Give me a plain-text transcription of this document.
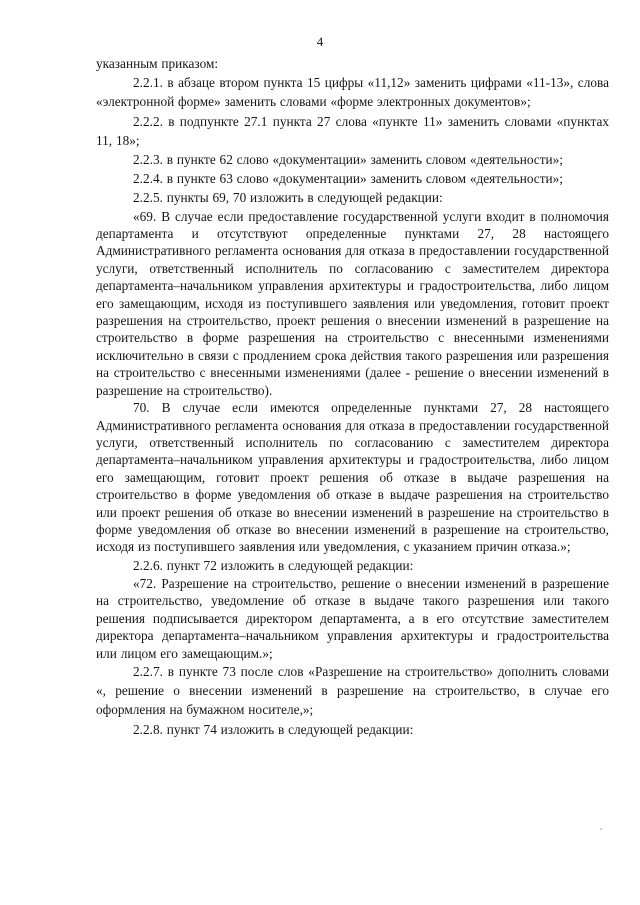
4

указанным приказом:

2.2.1. в абзаце втором пункта 15 цифры «11,12» заменить цифрами «11-13», слова «электронной форме» заменить словами «форме электронных документов»;

2.2.2. в подпункте 27.1 пункта 27 слова «пункте 11» заменить словами «пунктах 11, 18»;

2.2.3. в пункте 62 слово «документации» заменить словом «деятельности»;

2.2.4. в пункте 63 слово «документации» заменить словом «деятельности»;

2.2.5. пункты 69, 70 изложить в следующей редакции:

«69. В случае если предоставление государственной услуги входит в полномочия департамента и отсутствуют определенные пунктами 27, 28 настоящего Административного регламента основания для отказа в предоставлении государственной услуги, ответственный исполнитель по согласованию с заместителем директора департамента–начальником управления архитектуры и градостроительства, либо лицом его замещающим, исходя из поступившего заявления или уведомления, готовит проект разрешения на строительство, проект решения о внесении изменений в разрешение на строительство в форме разрешения на строительство с внесенными изменениями исключительно в связи с продлением срока действия такого разрешения или разрешения на строительство с внесенными изменениями (далее - решение о внесении изменений в разрешение на строительство).

70. В случае если имеются определенные пунктами 27, 28 настоящего Административного регламента основания для отказа в предоставлении государственной услуги, ответственный исполнитель по согласованию с заместителем директора департамента–начальником управления архитектуры и градостроительства, либо лицом его замещающим, готовит проект решения об отказе в выдаче разрешения на строительство в форме уведомления об отказе в выдаче разрешения на строительство или проект решения об отказе во внесении изменений в разрешение на строительство в форме уведомления об отказе во внесении изменений в разрешение на строительство, исходя из поступившего заявления или уведомления, с указанием причин отказа.»;

2.2.6. пункт 72 изложить в следующей редакции:

«72. Разрешение на строительство, решение о внесении изменений в разрешение на строительство, уведомление об отказе в выдаче такого разрешения или такого решения подписывается директором департамента, а в его отсутствие заместителем директора департамента–начальником управления архитектуры и градостроительства или лицом его замещающим.»;

2.2.7. в пункте 73 после слов «Разрешение на строительство» дополнить словами «, решение о внесении изменений в разрешение на строительство, в случае его оформления на бумажном носителе,»;

2.2.8. пункт 74 изложить в следующей редакции:
